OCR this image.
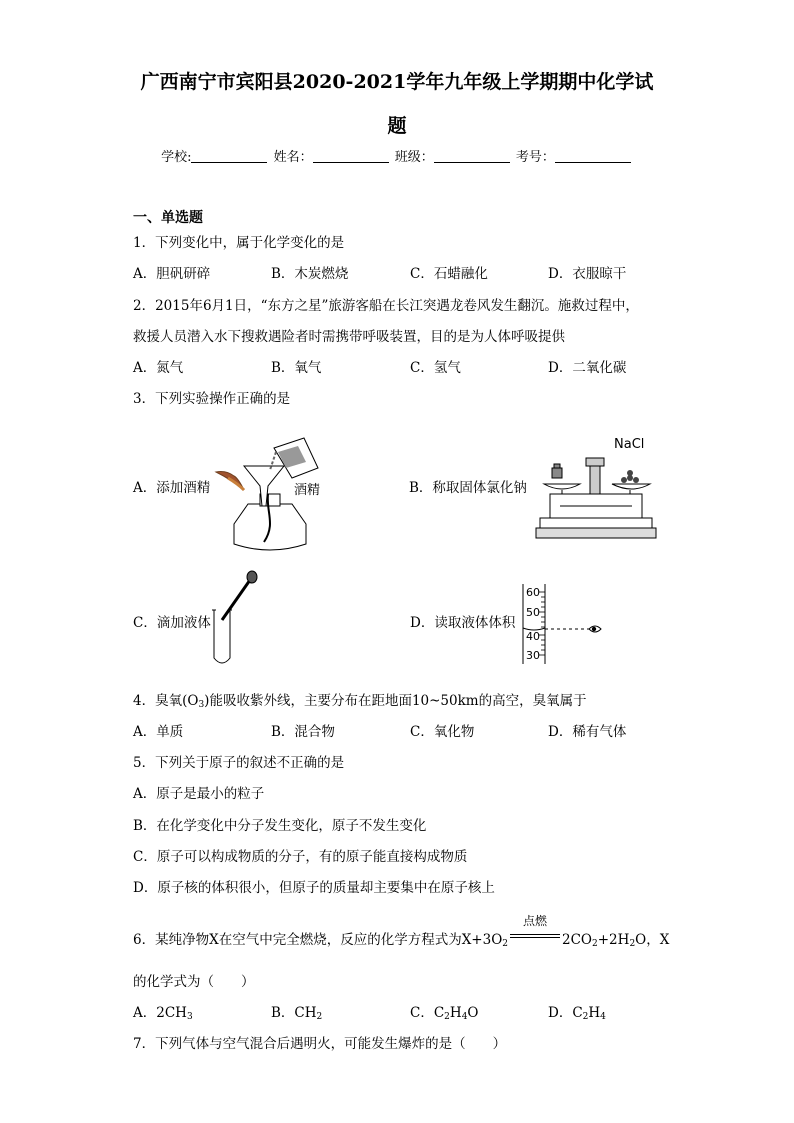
广西南宁市宾阳县2020-2021学年九年级上学期期中化学试
题
学校:	姓名：	班级：	考号：
一、单选题
1．下列变化中，属于化学变化的是
A．胆矾研碎	B．木炭燃烧	C．石蜡融化	D．衣服晾干
2．2015年6月1日，“东方之星”旅游客船在长江突遇龙卷风发生翻沉。施救过程中，
救援人员潜入水下搜救遇险者时需携带呼吸装置，目的是为人体呼吸提供
A．氮气	B．氧气	C．氢气	D．二氧化碳
3．下列实验操作正确的是
A．添加酒精	酒精	B．称取固体氯化钠
NaCl
C．滴加液体	D．读取液体体积
60
50
40
30
4．臭氧$(O_3)$能吸收紫外线，主要分布在距地面10~50km的高空，臭氧属于
A．单质	B．混合物	C．氧化物	D．稀有气体
5．下列关于原子的叙述不正确的是
A．原子是最小的粒子
B．在化学变化中分子发生变化，原子不发生变化
C．原子可以构成物质的分子，有的原子能直接构成物质
D．原子核的体积很小，但原子的质量却主要集中在原子核上
6．某纯净物X在空气中完全燃烧，反应的化学方程式为$X+3O_2$
点燃
$2CO_2+2H_2O$，X
的化学式为（　　）
A．$2CH_3$	B．$CH_2$	C．$C_2H_4O$	D．$C_2H_4$
7．下列气体与空气混合后遇明火，可能发生爆炸的是（　　）
